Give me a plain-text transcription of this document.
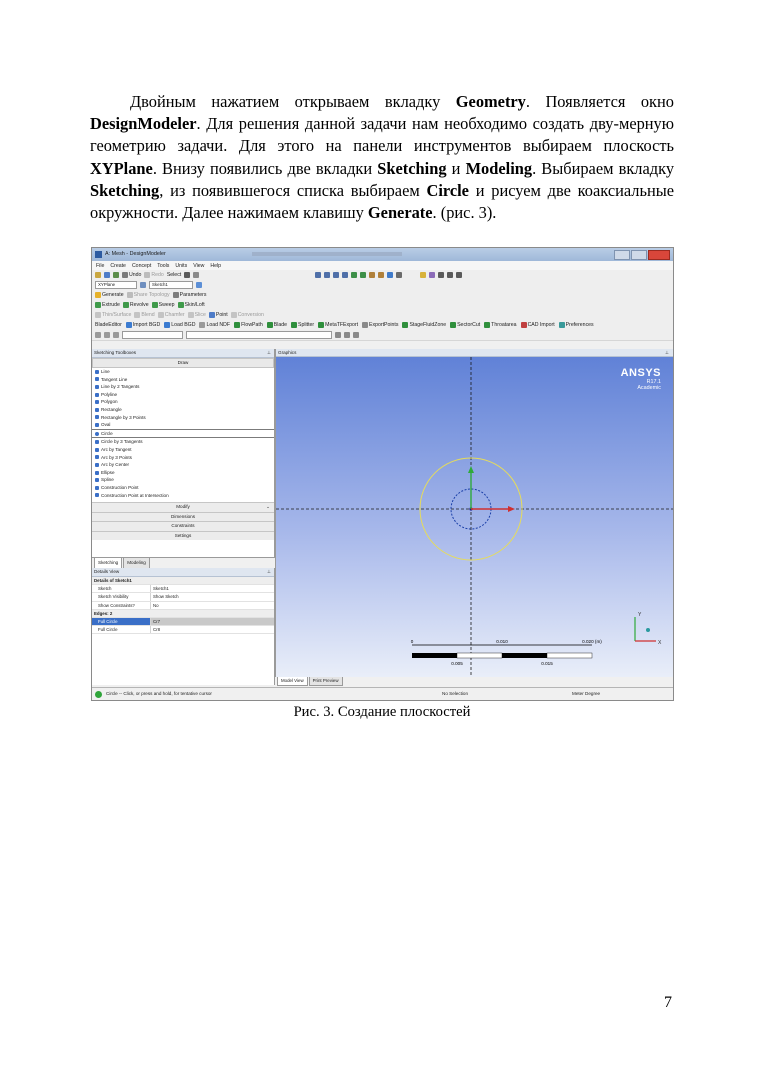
Двойным нажатием открываем вкладку Geometry. Появляется окно DesignModeler. Для решения данной задачи нам необходимо создать дву-мерную геометрию задачи. Для этого на панели инструментов выбираем плоскость XYPlane. Внизу появились две вкладки Sketching и Modeling. Выбираем вкладку Sketching, из появившегося списка выбираем Circle и рисуем две коаксиальные окружности. Далее нажимаем клавишу Generate. (рис. 3).

A: Mesh - DesignModeler
File Create Concept Tools Units View Help
Undo Redo Select
XYPlane	Sketch1
Generate Share Topology Parameters
Extrude Revolve Sweep Skin/Loft
Thin/Surface Blend Chamfer Slice Point Conversion
BladeEditor Import BGD Load BGD Load NDF FlowPath Blade Splitter MetaTFExport ExportPoints StageFluidZone SectorCut Throatarea CAD Import Preferences
Sketching Toolboxes	⊥
Draw
Line
Tangent Line
Line by 2 Tangents
Polyline
Polygon
Rectangle
Rectangle by 3 Points
Oval
Circle
Circle by 3 Tangents
Arc by Tangent
Arc by 3 Points
Arc by Center
Ellipse
Spline
Construction Point
Construction Point at Intersection
Modify	⌄
Dimensions
Constraints
Settings
Sketching	Modeling
Details View	⊥
Details of Sketch1
Sketch	Sketch1
Sketch Visibility	Show Sketch
Show Constraints?	No
Edges: 2
Full Circle	Cr7
Full Circle	Cr8
Graphics	⊥
ANSYS
R17.1
Academic
Y
X
0	0.010	0.020 (m)
0.005	0.015
Model View	Print Preview
Circle -- Click, or press and hold, for tentative cursor	No Selection	Meter Degree
Рис. 3. Создание плоскостей
7
